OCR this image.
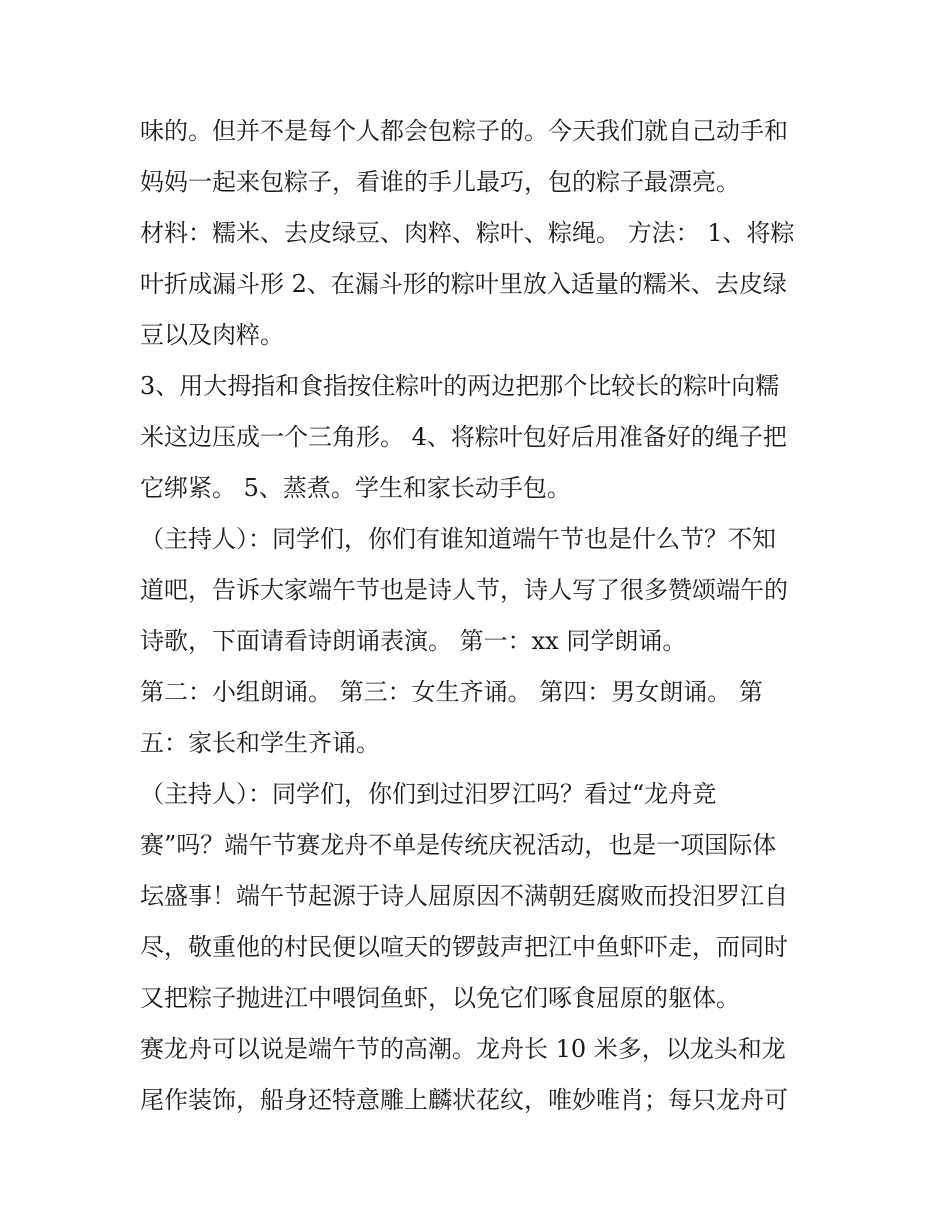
味的。但并不是每个人都会包粽子的。今天我们就自己动手和
妈妈一起来包粽子，看谁的手儿最巧，包的粽子最漂亮。
材料：糯米、去皮绿豆、肉粹、粽叶、粽绳。 方法： 1、将粽
叶折成漏斗形 2、在漏斗形的粽叶里放入适量的糯米、去皮绿
豆以及肉粹。
3、用大拇指和食指按住粽叶的两边把那个比较长的粽叶向糯
米这边压成一个三角形。 4、将粽叶包好后用准备好的绳子把
它绑紧。 5、蒸煮。学生和家长动手包。
（主持人）：同学们，你们有谁知道端午节也是什么节？不知
道吧，告诉大家端午节也是诗人节，诗人写了很多赞颂端午的
诗歌，下面请看诗朗诵表演。 第一：xx 同学朗诵。
第二：小组朗诵。 第三：女生齐诵。 第四：男女朗诵。 第
五：家长和学生齐诵。
（主持人）：同学们，你们到过汨罗江吗？看过“龙舟竞
赛”吗？端午节赛龙舟不单是传统庆祝活动，也是一项国际体
坛盛事！端午节起源于诗人屈原因不满朝廷腐败而投汨罗江自
尽，敬重他的村民便以喧天的锣鼓声把江中鱼虾吓走，而同时
又把粽子抛进江中喂饲鱼虾，以免它们啄食屈原的躯体。
赛龙舟可以说是端午节的高潮。龙舟长 10 米多，以龙头和龙
尾作装饰，船身还特意雕上麟状花纹，唯妙唯肖；每只龙舟可
